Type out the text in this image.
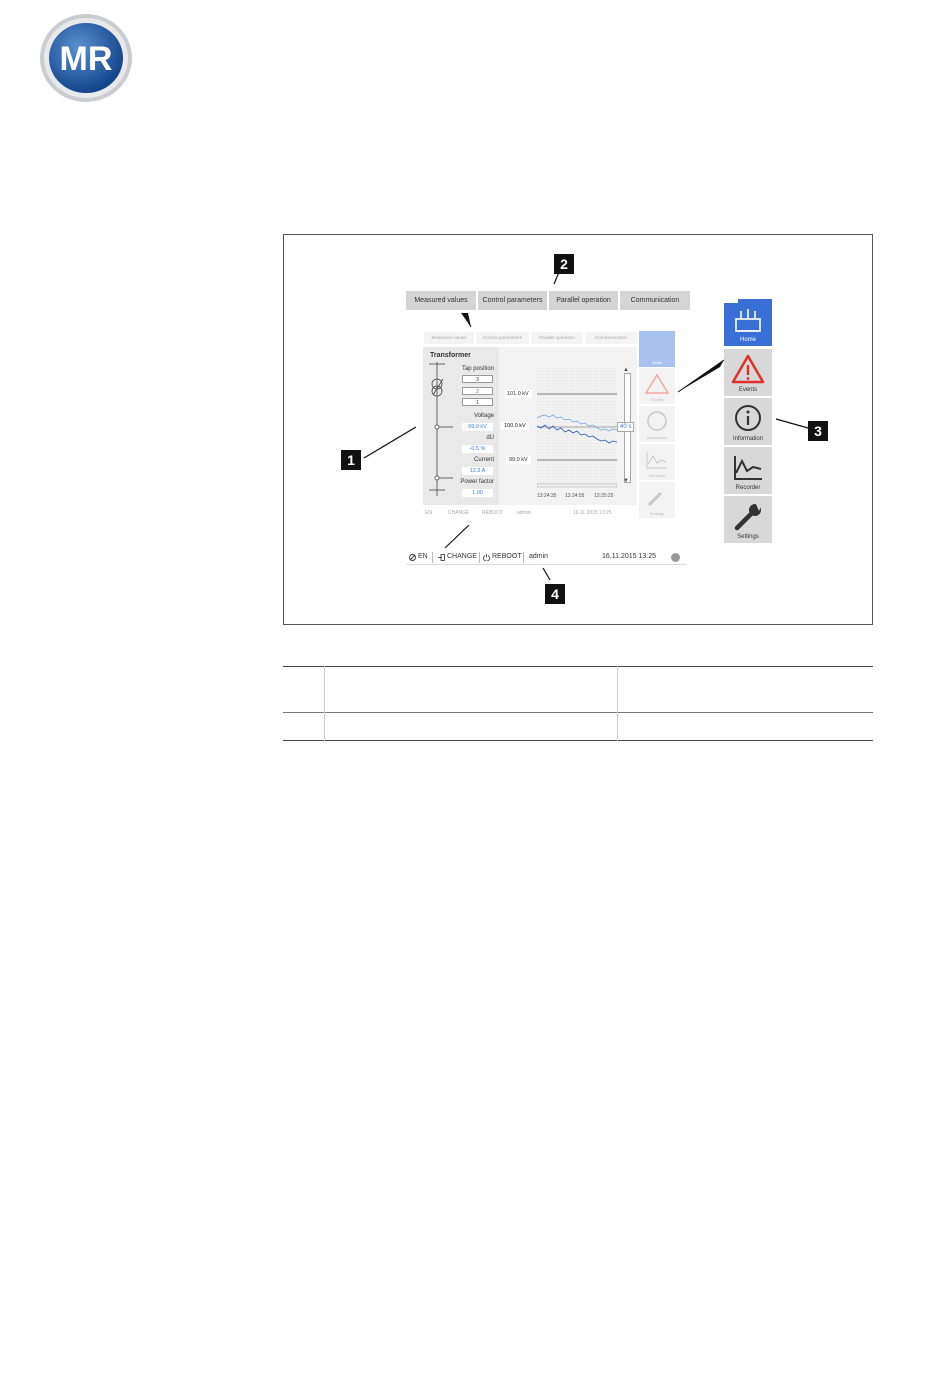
MR
Measured values	Control parameters	Parallel operation	Communication
Measured values	Control parameters	Parallel operation	Communication
Transformer
Tap position
3
2
1
Voltage
99.9 kV
dU
-0.5 %
Current
12.3 A
Power factor
1.00
101.0 kV
100.0 kV
99.0 kV
13:24:35 13:24:55 13:25:25
▲
▼
40 s
Home
Events
Information
Recorder
Settings
EN	CHANGE	REBOOT	admin	16.11.2015 13:25
Home
Events
Information
Recorder
Settings
EN	CHANGE REBOOT admin	16.11.2015 13:25
1
2
3
4
